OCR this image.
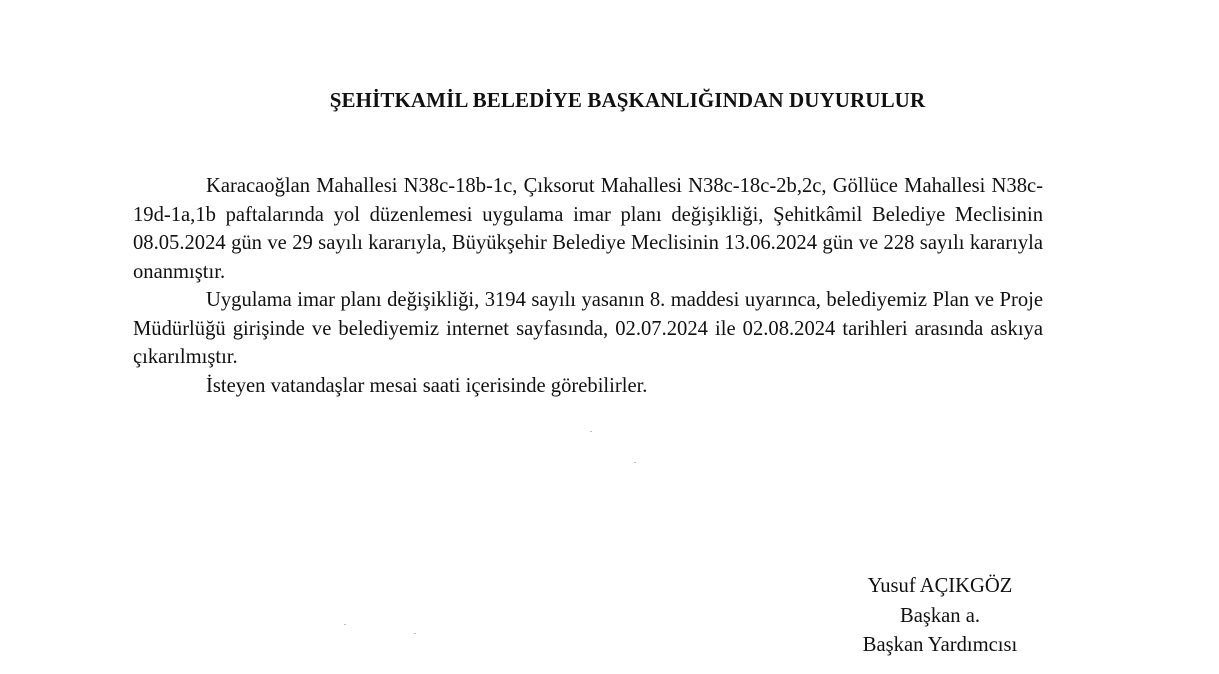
ŞEHİTKAMİL BELEDİYE BAŞKANLIĞINDAN DUYURULUR

Karacaoğlan Mahallesi N38c-18b-1c, Çıksorut Mahallesi N38c-18c-2b,2c, Göllüce Mahallesi N38c-19d-1a,1b paftalarında yol düzenlemesi uygulama imar planı değişikliği, Şehitkâmil Belediye Meclisinin 08.05.2024 gün ve 29 sayılı kararıyla, Büyükşehir Belediye Meclisinin 13.06.2024 gün ve 228 sayılı kararıyla onanmıştır.

Uygulama imar planı değişikliği, 3194 sayılı yasanın 8. maddesi uyarınca, belediyemiz Plan ve Proje Müdürlüğü girişinde ve belediyemiz internet sayfasında, 02.07.2024 ile 02.08.2024 tarihleri arasında askıya çıkarılmıştır.

İsteyen vatandaşlar mesai saati içerisinde görebilirler.

Yusuf AÇIKGÖZ
Başkan a.
Başkan Yardımcısı
